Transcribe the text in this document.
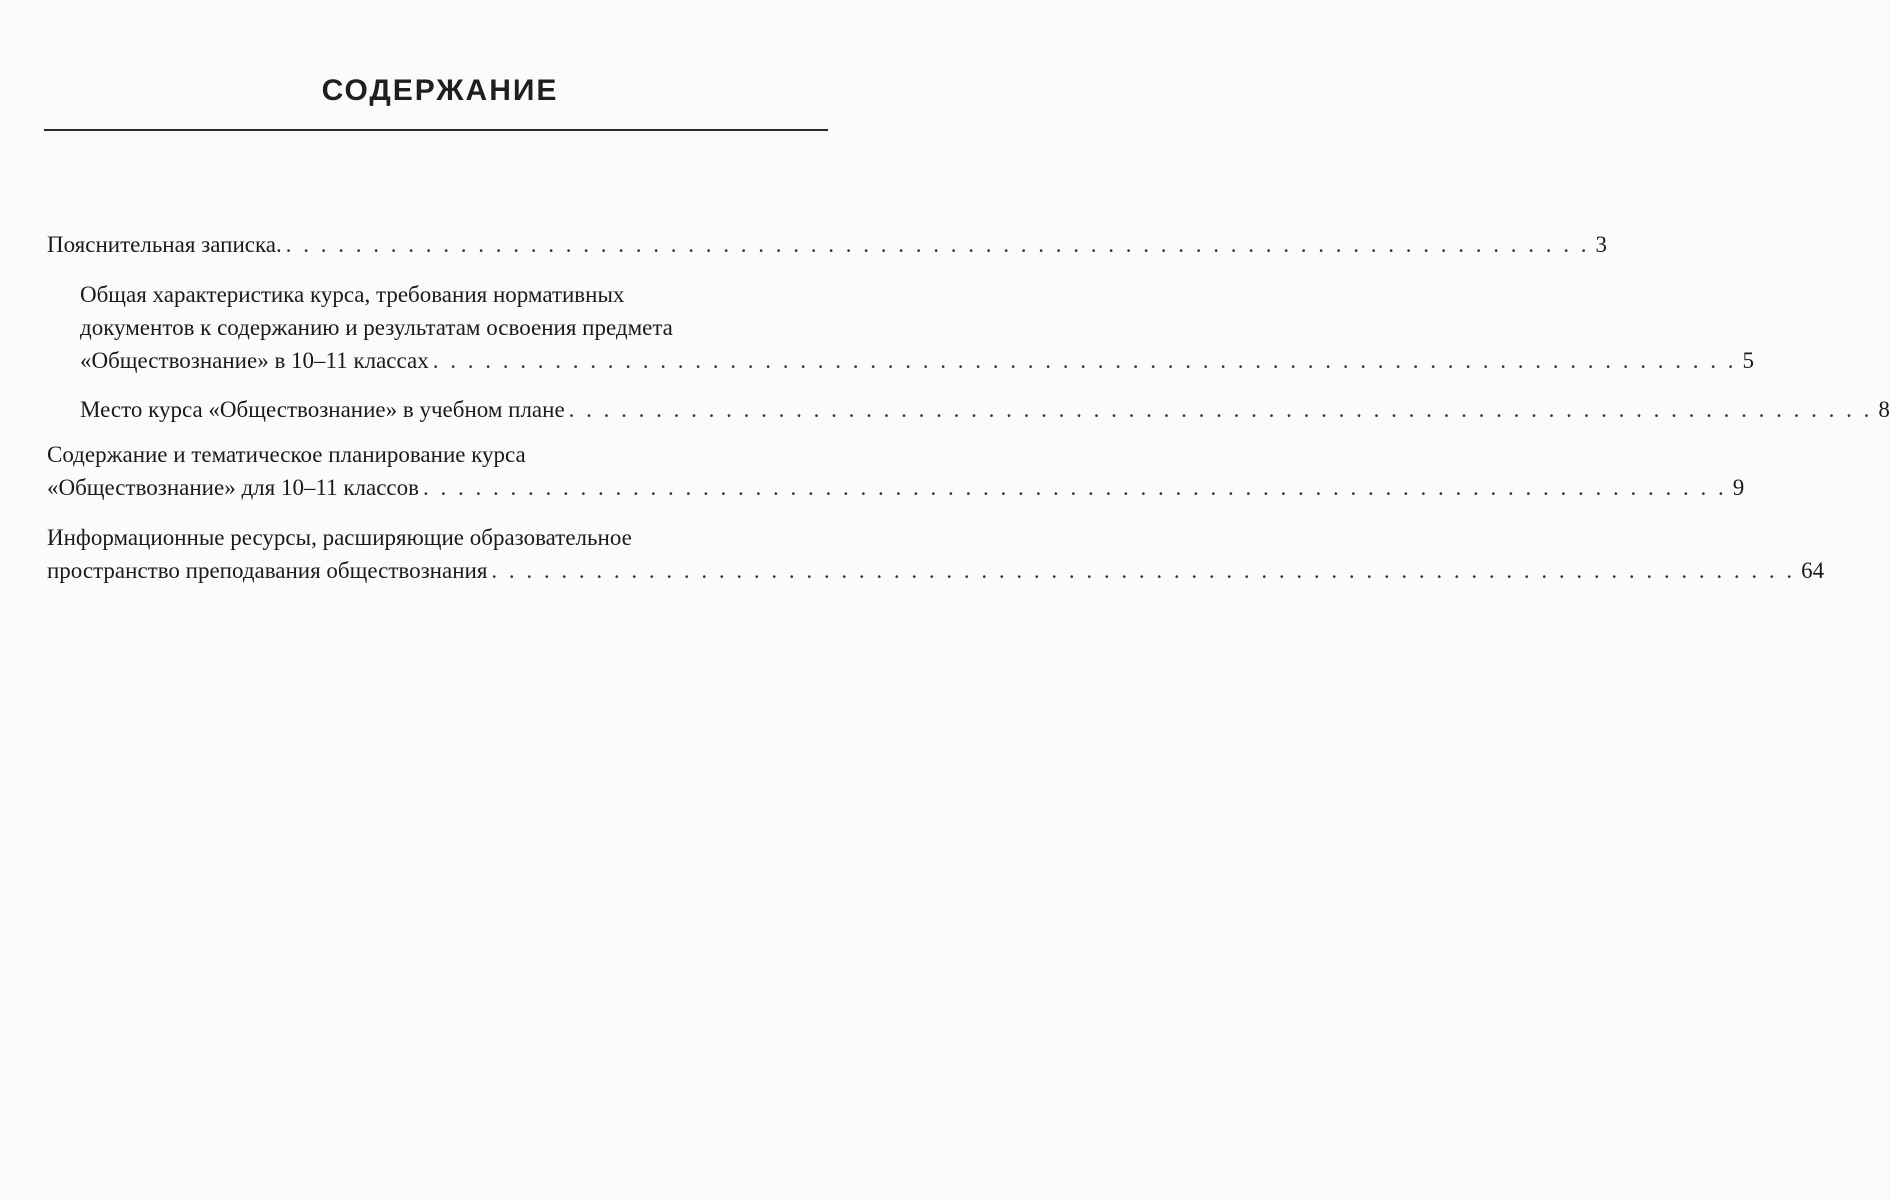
СОДЕРЖАНИЕ
Пояснительная записка. . . . . . . . . . . . . . . . . . . . . . . . . . . . . . . . . . . . . . . . . . . . . . . . . . . . . . . . . . . . . . . . . . . . . . . . . . . . 3
Общая характеристика курса, требования нормативных
документов к содержанию и результатам освоения предмета
«Обществознание» в 10–11 классах . . . . . . . . . . . . . . . . . . . . . . . . . . . . . . . . . . . . . . . . . . . . . . . . . . . . . . . . . . . . . . . . . . . . . . . . . . . 5
Место курса «Обществознание» в учебном плане . . . . . . . . . . . . . . . . . . . . . . . . . . . . . . . . . . . . . . . . . . . . . . . . . . . . . . . . . . . . . . . . . . . . . . . . . . . 8
Содержание и тематическое планирование курса
«Обществознание» для 10–11 классов . . . . . . . . . . . . . . . . . . . . . . . . . . . . . . . . . . . . . . . . . . . . . . . . . . . . . . . . . . . . . . . . . . . . . . . . . . . 9
Информационные ресурсы, расширяющие образовательное
пространство преподавания обществознания . . . . . . . . . . . . . . . . . . . . . . . . . . . . . . . . . . . . . . . . . . . . . . . . . . . . . . . . . . . . . . . . . . . . . . . . . . . 64
